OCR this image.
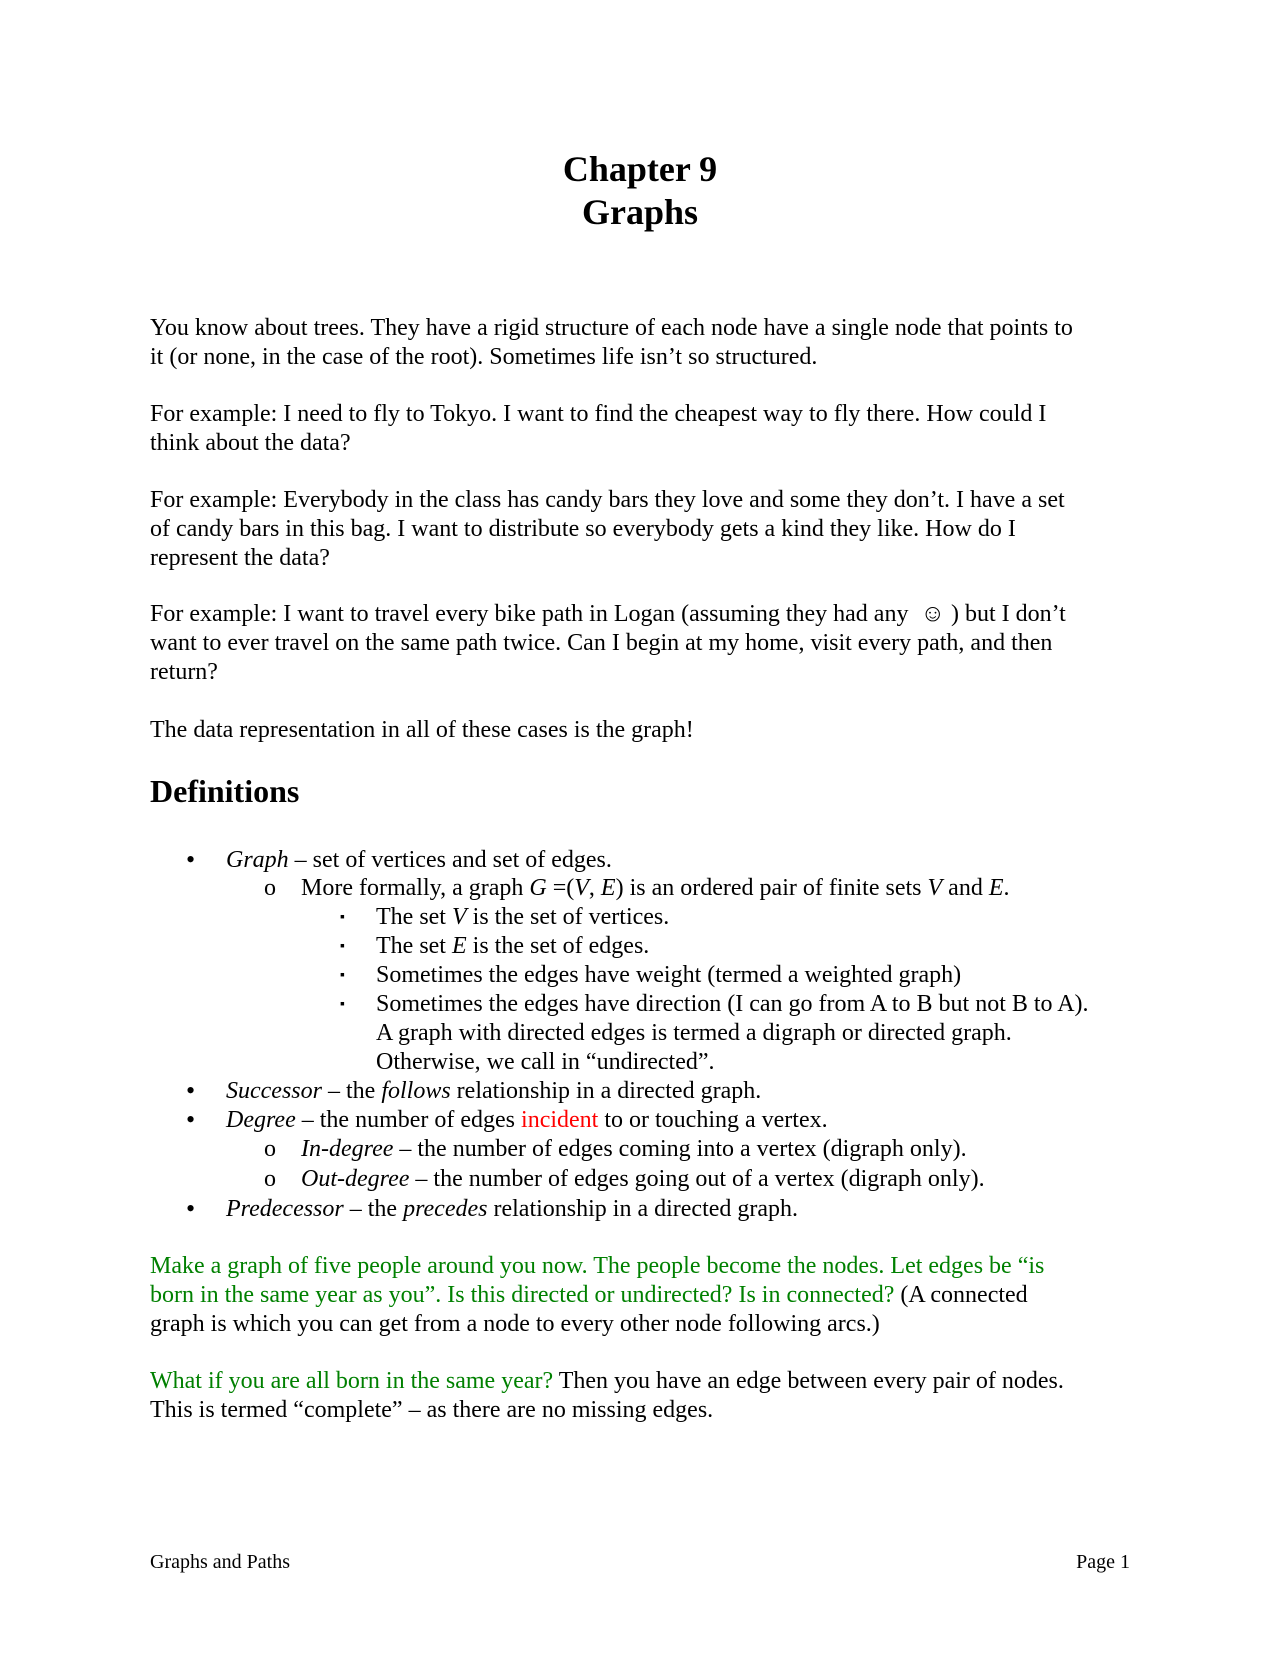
Chapter 9
Graphs
You know about trees. They have a rigid structure of each node have a single node that points to
it (or none, in the case of the root). Sometimes life isn’t so structured.
For example: I need to fly to Tokyo. I want to find the cheapest way to fly there. How could I
think about the data?
For example: Everybody in the class has candy bars they love and some they don’t. I have a set
of candy bars in this bag. I want to distribute so everybody gets a kind they like. How do I
represent the data?
For example: I want to travel every bike path in Logan (assuming they had any ☺ ) but I don’t
want to ever travel on the same path twice. Can I begin at my home, visit every path, and then
return?
The data representation in all of these cases is the graph!
Definitions
• Graph – set of vertices and set of edges.
o More formally, a graph G =(V, E) is an ordered pair of finite sets V and E.
▪ The set V is the set of vertices.
▪ The set E is the set of edges.
▪ Sometimes the edges have weight (termed a weighted graph)
▪ Sometimes the edges have direction (I can go from A to B but not B to A).
A graph with directed edges is termed a digraph or directed graph.
Otherwise, we call in “undirected”.
• Successor – the follows relationship in a directed graph.
• Degree – the number of edges incident to or touching a vertex.
o In-degree – the number of edges coming into a vertex (digraph only).
o Out-degree – the number of edges going out of a vertex (digraph only).
• Predecessor – the precedes relationship in a directed graph.
Make a graph of five people around you now. The people become the nodes. Let edges be “is
born in the same year as you”. Is this directed or undirected? Is in connected? (A connected
graph is which you can get from a node to every other node following arcs.)
What if you are all born in the same year? Then you have an edge between every pair of nodes.
This is termed “complete” – as there are no missing edges.
Graphs and Paths	Page 1
